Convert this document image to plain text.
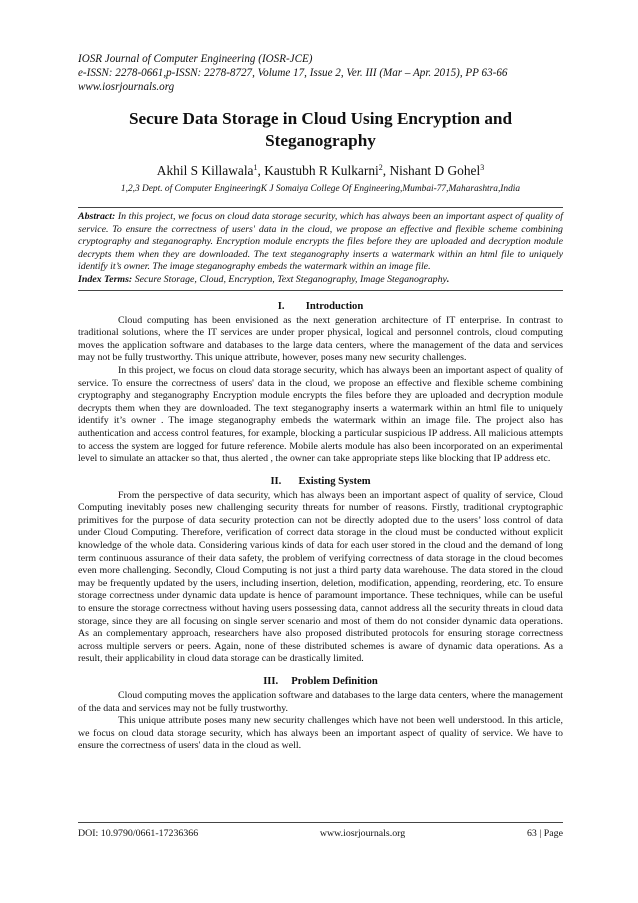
IOSR Journal of Computer Engineering (IOSR-JCE)
e-ISSN: 2278-0661,p-ISSN: 2278-8727, Volume 17, Issue 2, Ver. III (Mar – Apr. 2015), PP 63-66
www.iosrjournals.org
Secure Data Storage in Cloud Using Encryption and
Steganography
Akhil S Killawala$^1$, Kaustubh R Kulkarni$^2$, Nishant D Gohel$^3$
1,2,3 Dept. of Computer EngineeringK J Somaiya College Of Engineering,Mumbai-77,Maharashtra,India

Abstract: In this project, we focus on cloud data storage security, which has always been an important aspect of quality of service. To ensure the correctness of users' data in the cloud, we propose an effective and flexible scheme combining cryptography and steganography. Encryption module encrypts the files before they are uploaded and decryption module decrypts them when they are downloaded. The text steganography inserts a watermark within an html file to uniquely identify it’s owner. The image steganography embeds the watermark within an image file.

Index Terms: Secure Storage, Cloud, Encryption, Text Steganography, Image Steganography.

I. Introduction

Cloud computing has been envisioned as the next generation architecture of IT enterprise. In contrast to traditional solutions, where the IT services are under proper physical, logical and personnel controls, cloud computing moves the application software and databases to the large data centers, where the management of the data and services may not be fully trustworthy. This unique attribute, however, poses many new security challenges.

In this project, we focus on cloud data storage security, which has always been an important aspect of quality of service. To ensure the correctness of users' data in the cloud, we propose an effective and flexible scheme combining cryptography and steganography Encryption module encrypts the files before they are uploaded and decryption module decrypts them when they are downloaded. The text steganography inserts a watermark within an html file to uniquely identify it’s owner . The image steganography embeds the watermark within an image file. The project also has authentication and access control features, for example, blocking a particular suspicious IP address. All malicious attempts to access the system are logged for future reference. Mobile alerts module has also been incorporated on an experimental level to simulate an attacker so that, thus alerted , the owner can take appropriate steps like blocking that IP address etc.

II. Existing System

From the perspective of data security, which has always been an important aspect of quality of service, Cloud Computing inevitably poses new challenging security threats for number of reasons. Firstly, traditional cryptographic primitives for the purpose of data security protection can not be directly adopted due to the users’ loss control of data under Cloud Computing. Therefore, verification of correct data storage in the cloud must be conducted without explicit knowledge of the whole data. Considering various kinds of data for each user stored in the cloud and the demand of long term continuous assurance of their data safety, the problem of verifying correctness of data storage in the cloud becomes even more challenging. Secondly, Cloud Computing is not just a third party data warehouse. The data stored in the cloud may be frequently updated by the users, including insertion, deletion, modification, appending, reordering, etc. To ensure storage correctness under dynamic data update is hence of paramount importance. These techniques, while can be useful to ensure the storage correctness without having users possessing data, cannot address all the security threats in cloud data storage, since they are all focusing on single server scenario and most of them do not consider dynamic data operations. As an complementary approach, researchers have also proposed distributed protocols for ensuring storage correctness across multiple servers or peers. Again, none of these distributed schemes is aware of dynamic data operations. As a result, their applicability in cloud data storage can be drastically limited.

III. Problem Definition

Cloud computing moves the application software and databases to the large data centers, where the management of the data and services may not be fully trustworthy.

This unique attribute poses many new security challenges which have not been well understood. In this article, we focus on cloud data storage security, which has always been an important aspect of quality of service. We have to ensure the correctness of users' data in the cloud as well.

DOI: 10.9790/0661-17236366	www.iosrjournals.org	63 | Page
